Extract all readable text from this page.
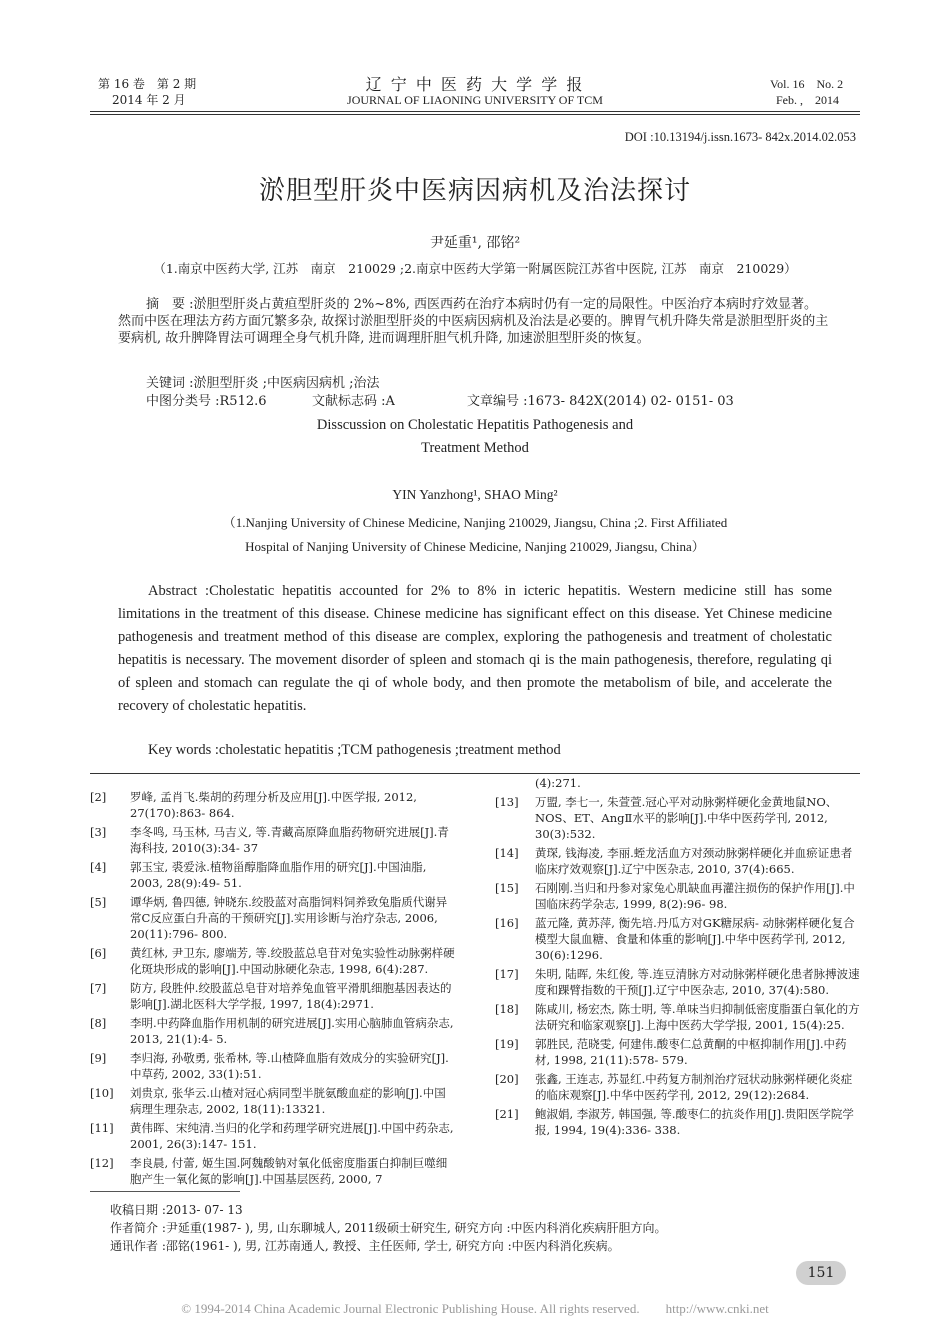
第 16 卷　第 2 期
2014 年 2 月
辽 宁 中 医 药 大 学 学 报
JOURNAL OF LIAONING UNIVERSITY OF TCM
Vol. 16　No. 2
Feb. ,　2014
DOI :10.13194/j.issn.1673- 842x.2014.02.053
淤胆型肝炎中医病因病机及治法探讨
尹延重¹, 邵铭²
（1.南京中医药大学, 江苏　南京　210029 ;2.南京中医药大学第一附属医院江苏省中医院, 江苏　南京　210029）
摘　要 :淤胆型肝炎占黄疸型肝炎的 2%~8%, 西医西药在治疗本病时仍有一定的局限性。中医治疗本病时疗效显著。然而中医在理法方药方面冗繁多杂, 故探讨淤胆型肝炎的中医病因病机及治法是必要的。脾胃气机升降失常是淤胆型肝炎的主要病机, 故升脾降胃法可调理全身气机升降, 进而调理肝胆气机升降, 加速淤胆型肝炎的恢复。
关键词 :淤胆型肝炎 ;中医病因病机 ;治法
中图分类号 :R512.6	文献标志码 :A	文章编号 :1673- 842X(2014) 02- 0151- 03
Disscussion on Cholestatic Hepatitis Pathogenesis and
Treatment Method
YIN Yanzhong¹, SHAO Ming²
（1.Nanjing University of Chinese Medicine, Nanjing 210029, Jiangsu, China ;2. First Affiliated
Hospital of Nanjing University of Chinese Medicine, Nanjing 210029, Jiangsu, China）
Abstract :Cholestatic hepatitis accounted for 2% to 8% in icteric hepatitis. Western medicine still has some limitations in the treatment of this disease. Chinese medicine has significant effect on this disease. Yet Chinese medicine pathogenesis and treatment method of this disease are complex, exploring the pathogenesis and treatment of cholestatic hepatitis is necessary. The movement disorder of spleen and stomach qi is the main pathogenesis, therefore, regulating qi of spleen and stomach can regulate the qi of whole body, and then promote the metabolism of bile, and accelerate the recovery of cholestatic hepatitis.
Key words :cholestatic hepatitis ;TCM pathogenesis ;treatment method
[2] 罗峰, 孟肖飞.柴胡的药理分析及应用[J].中医学报, 2012, 27(170):863- 864.
[3] 李冬鸣, 马玉林, 马吉义, 等.青藏高原降血脂药物研究进展[J].青海科技, 2010(3):34- 37
[4] 郭玉宝, 裘爱泳.植物甾醇脂降血脂作用的研究[J].中国油脂, 2003, 28(9):49- 51.
[5] 谭华炳, 鲁四德, 钟晓东.绞股蓝对高脂饲料饲养致兔脂质代谢异常C反应蛋白升高的干预研究[J].实用诊断与治疗杂志, 2006, 20(11):796- 800.
[6] 黄红林, 尹卫东, 廖端芳, 等.绞股蓝总皂苷对兔实验性动脉粥样硬化斑块形成的影响[J].中国动脉硬化杂志, 1998, 6(4):287.
[7] 防方, 段胜仲.绞股蓝总皂苷对培养兔血管平滑肌细胞基因表达的影响[J].湖北医科大学学报, 1997, 18(4):2971.
[8] 李明.中药降血脂作用机制的研究进展[J].实用心脑肺血管病杂志, 2013, 21(1):4- 5.
[9] 李归海, 孙敬勇, 张希林, 等.山楂降血脂有效成分的实验研究[J].中草药, 2002, 33(1):51.
[10] 刘贵京, 张华云.山楂对冠心病同型半胱氨酸血症的影响[J].中国病理生理杂志, 2002, 18(11):13321.
[11] 黄伟晖、宋纯清.当归的化学和药理学研究进展[J].中国中药杂志, 2001, 26(3):147- 151.
[12] 李良晨, 付蕾, 姬生国.阿魏酸钠对氧化低密度脂蛋白抑制巨噬细胞产生一氧化氮的影响[J].中国基层医药, 2000, 7
(4):271.
[13] 万盟, 李七一, 朱萱萱.冠心平对动脉粥样硬化金黄地鼠NO、NOS、ET、AngⅡ水平的影响[J].中华中医药学刊, 2012, 30(3):532.
[14] 黄琛, 钱海凌, 李丽.蛭龙活血方对颈动脉粥样硬化并血瘀证患者临床疗效观察[J].辽宁中医杂志, 2010, 37(4):665.
[15] 石刚刚.当归和丹参对家兔心肌缺血再灌注损伤的保护作用[J].中国临床药学杂志, 1999, 8(2):96- 98.
[16] 蓝元隆, 黄苏萍, 衡先培.丹瓜方对GK糖尿病- 动脉粥样硬化复合模型大鼠血糖、食量和体重的影响[J].中华中医药学刊, 2012, 30(6):1296.
[17] 朱明, 陆晖, 朱红俊, 等.连豆清脉方对动脉粥样硬化患者脉搏波速度和踝臂指数的干预[J].辽宁中医杂志, 2010, 37(4):580.
[18] 陈咸川, 杨宏杰, 陈士明, 等.单味当归抑制低密度脂蛋白氧化的方法研究和临家观察[J].上海中医药大学学报, 2001, 15(4):25.
[19] 郭胜民, 范晓雯, 何建伟.酸枣仁总黄酮的中枢抑制作用[J].中药材, 1998, 21(11):578- 579.
[20] 张鑫, 王连志, 苏显红.中药复方制剂治疗冠状动脉粥样硬化炎症的临床观察[J].中华中医药学刊, 2012, 29(12):2684.
[21] 鲍淑娟, 李淑芳, 韩国强, 等.酸枣仁的抗炎作用[J].贵阳医学院学报, 1994, 19(4):336- 338.
收稿日期 :2013- 07- 13
作者简介 :尹延重(1987- ), 男, 山东聊城人, 2011级硕士研究生, 研究方向 :中医内科消化疾病肝胆方向。
通讯作者 :邵铭(1961- ), 男, 江苏南通人, 教授、主任医师, 学士, 研究方向 :中医内科消化疾病。
151
© 1994-2014 China Academic Journal Electronic Publishing House. All rights reserved.　　http://www.cnki.net
